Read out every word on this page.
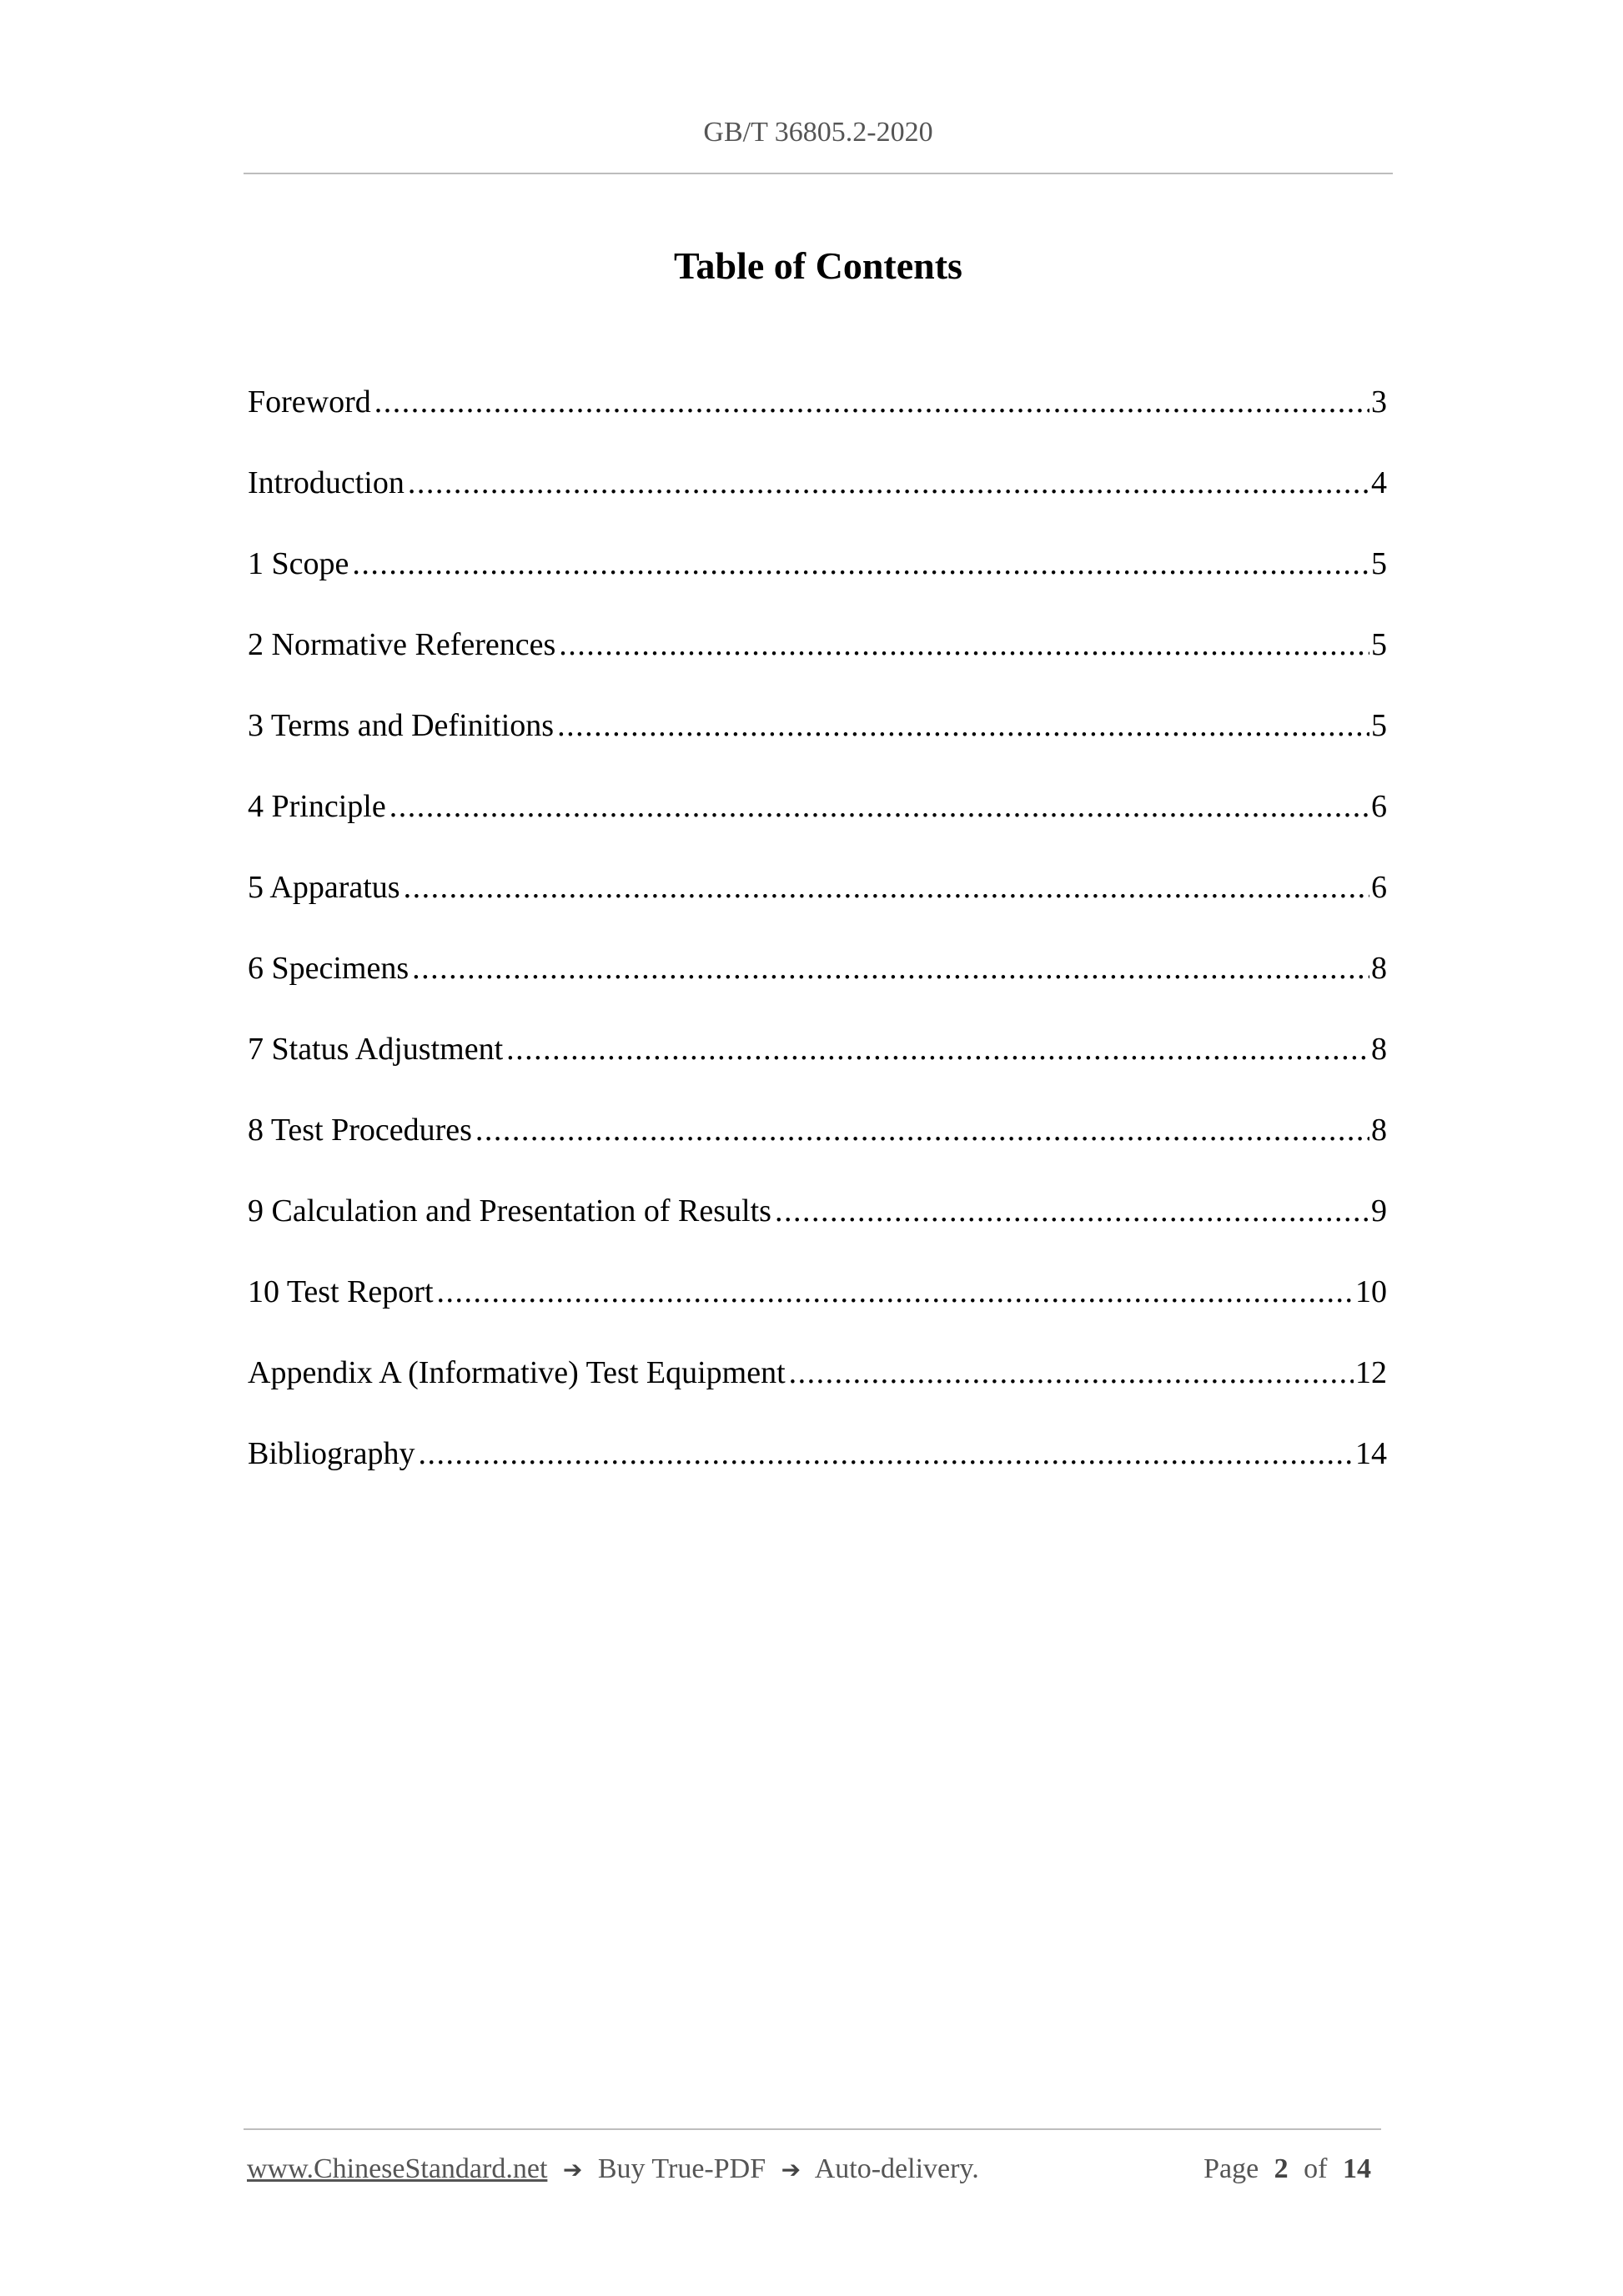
GB/T 36805.2-2020
Table of Contents
Foreword .....	3
Introduction .....	4
1 Scope .....	5
2 Normative References .....	5
3 Terms and Definitions .....	5
4 Principle .....	6
5 Apparatus .....	6
6 Specimens .....	8
7 Status Adjustment .....	8
8 Test Procedures .....	8
9 Calculation and Presentation of Results .....	9
10 Test Report .....	10
Appendix A (Informative) Test Equipment .....	12
Bibliography .....	14
www.ChineseStandard.net ➔ Buy True-PDF ➔ Auto-delivery.	Page 2 of 14
